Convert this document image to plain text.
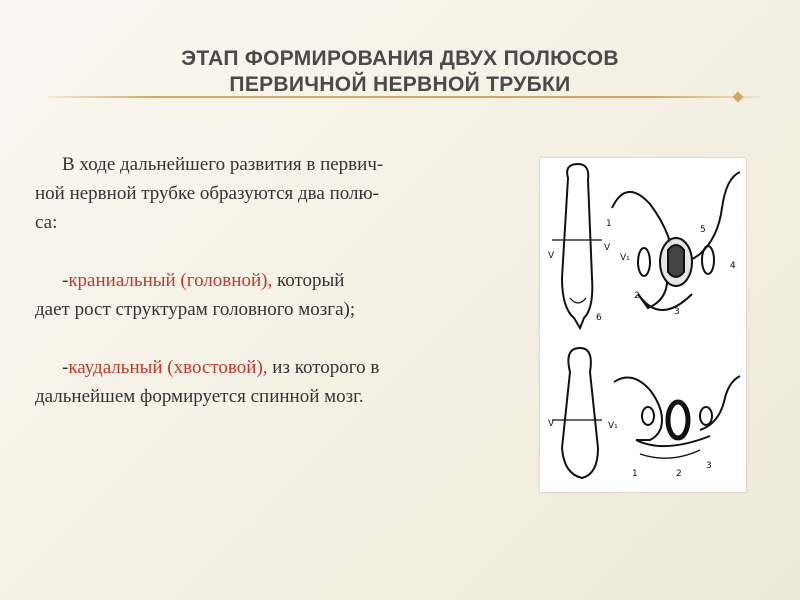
ЭТАП ФОРМИРОВАНИЯ ДВУХ ПОЛЮСОВ
ПЕРВИЧНОЙ НЕРВНОЙ ТРУБКИ

В ходе дальнейшего развития в первич-

ной нервной трубке образуются два полю-

са:

-краниальный (головной), который

дает рост структурам головного мозга);

-каудальный (хвостовой), из которого в

дальнейшем формируется спинной мозг.

V
V
V₁
1
2
3
4
5
6
V	V₁
1	2
3
